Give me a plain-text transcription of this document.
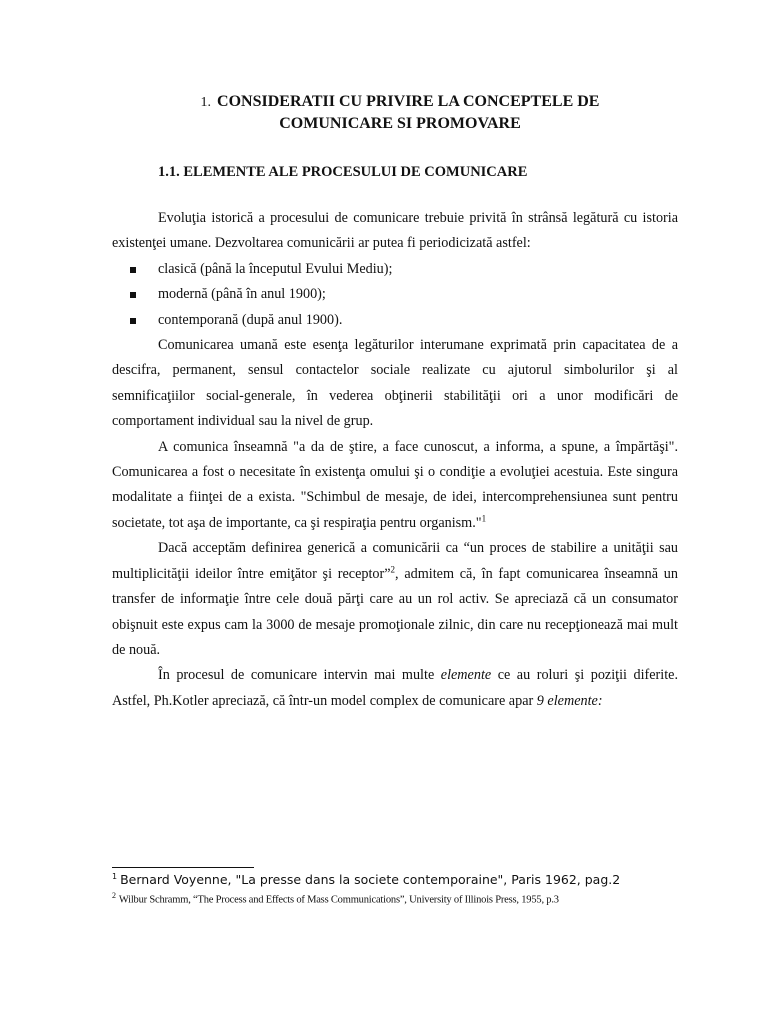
1. CONSIDERATII CU PRIVIRE LA CONCEPTELE DE
COMUNICARE SI PROMOVARE
1.1. ELEMENTE ALE PROCESULUI DE COMUNICARE

Evoluţia istorică a procesului de comunicare trebuie privită în strânsă legătură cu istoria existenţei umane. Dezvoltarea comunicării ar putea fi periodicizată astfel:

clasică (până la începutul Evului Mediu);
modernă (până în anul 1900);
contemporană (după anul 1900).

Comunicarea umană este esenţa legăturilor interumane exprimată prin capacitatea de a descifra, permanent, sensul contactelor sociale realizate cu ajutorul simbolurilor şi al semnificaţiilor social-generale, în vederea obţinerii stabilităţii ori a unor modificări de comportament individual sau la nivel de grup.

A comunica înseamnă "a da de ştire, a face cunoscut, a informa, a spune, a împărtăşi". Comunicarea a fost o necesitate în existenţa omului şi o condiţie a evoluţiei acestuia. Este singura modalitate a fiinţei de a exista. "Schimbul de mesaje, de idei, intercomprehensiunea sunt pentru societate, tot aşa de importante, ca şi respiraţia pentru organism."$^1$

Dacă acceptăm definirea generică a comunicării ca “un proces de stabilire a unităţii sau multiplicităţii ideilor între emiţător şi receptor”$^2$, admitem că, în fapt comunicarea înseamnă un transfer de informaţie între cele două părţi care au un rol activ. Se apreciază că un consumator obişnuit este expus cam la 3000 de mesaje promoţionale zilnic, din care nu recepţionează mai mult de nouă.

În procesul de comunicare intervin mai multe elemente ce au roluri şi poziţii diferite. Astfel, Ph.Kotler apreciază, că într-un model complex de comunicare apar 9 elemente:

$^1$ Bernard Voyenne, "La presse dans la societe contemporaine", Paris 1962, pag.2
$^2$ Wilbur Schramm, “The Process and Effects of Mass Communications”, University of Illinois Press, 1955, p.3
